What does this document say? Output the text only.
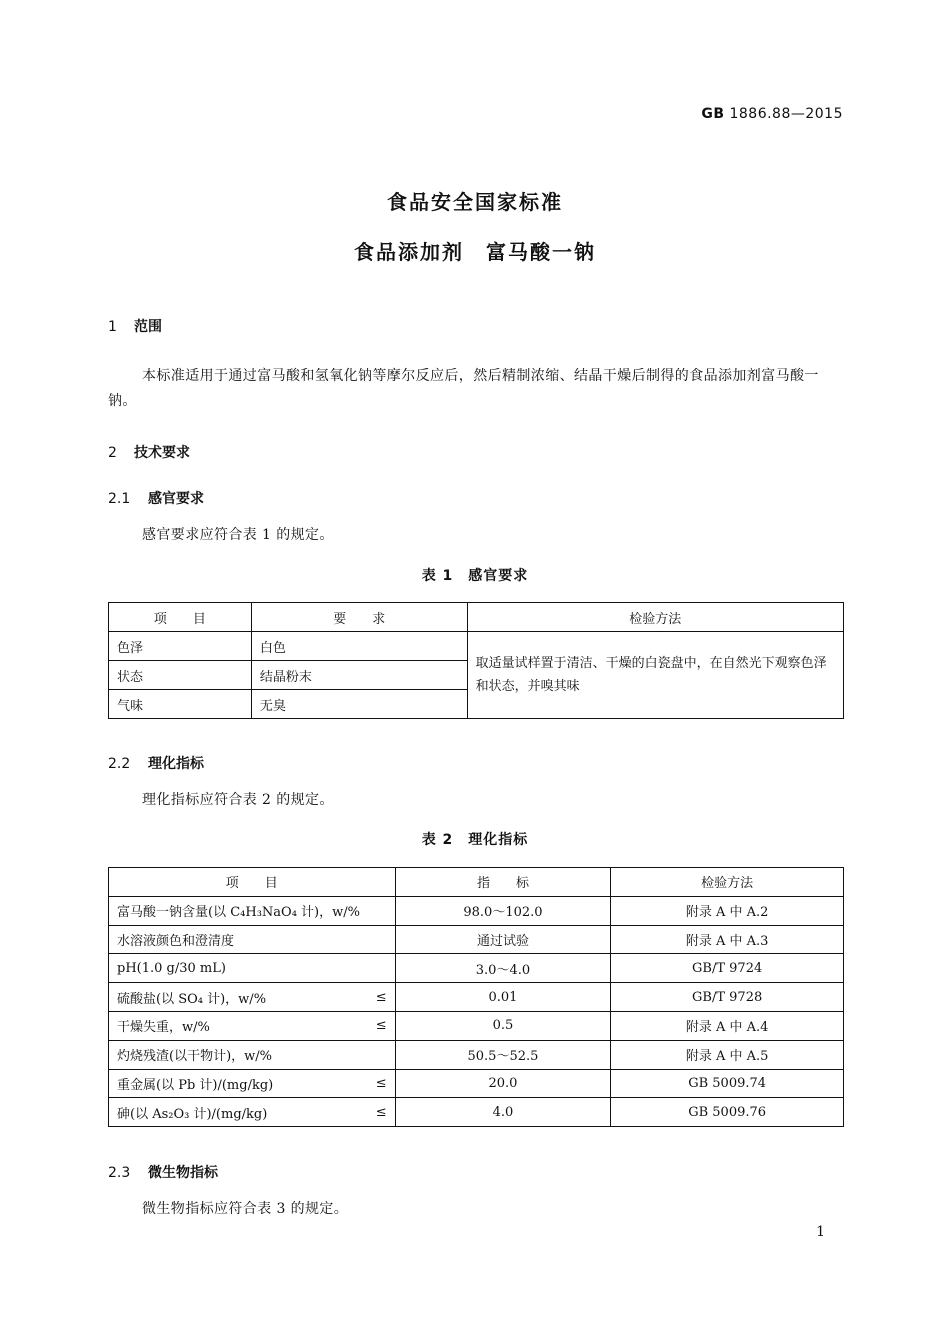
GB 1886.88—2015
食品安全国家标准
食品添加剂　富马酸一钠
1 范围
本标准适用于通过富马酸和氢氧化钠等摩尔反应后，然后精制浓缩、结晶干燥后制得的食品添加剂富马酸一钠。
2 技术要求
2.1 感官要求
感官要求应符合表 1 的规定。
表 1　感官要求
项　　目	要　　求	检验方法
色泽	白色	取适量试样置于清洁、干燥的白瓷盘中，在自然光下观察色泽和状态，并嗅其味
状态	结晶粉末	
气味	无臭	
2.2 理化指标
理化指标应符合表 2 的规定。
表 2　理化指标
项　　目	指　　标	检验方法

富马酸一钠含量(以 C₄H₃NaO₄ 计)，w/%	98.0～102.0	附录 A 中 A.2

水溶液颜色和澄清度	通过试验	附录 A 中 A.3

pH(1.0 g/30 mL)	3.0～4.0	GB/T 9724

硫酸盐(以 SO₄ 计)，w/% ≤	0.01	GB/T 9728

干燥失重，w/% ≤	0.5	附录 A 中 A.4

灼烧残渣(以干物计)，w/%	50.5～52.5	附录 A 中 A.5

重金属(以 Pb 计)/(mg/kg) ≤	20.0	GB 5009.74

砷(以 As₂O₃ 计)/(mg/kg) ≤	4.0	GB 5009.76
2.3 微生物指标
微生物指标应符合表 3 的规定。
1
